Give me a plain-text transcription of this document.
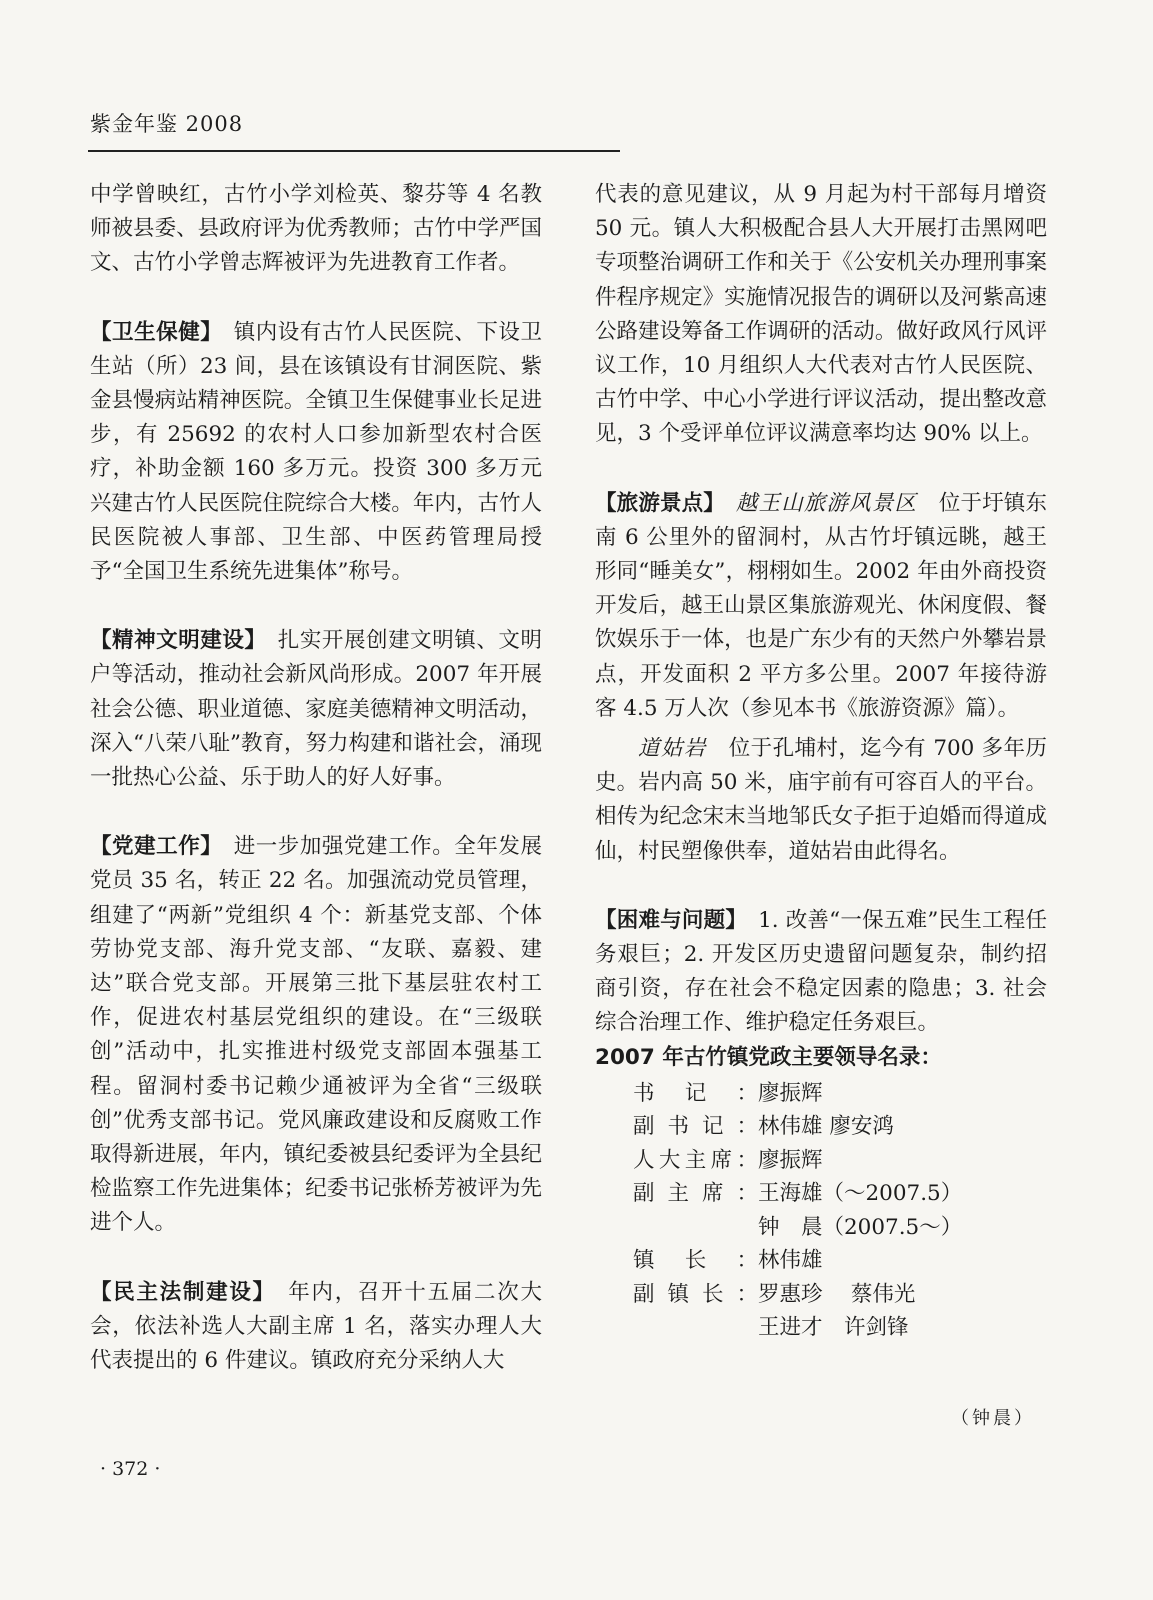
紫金年鉴 2008

中学曾映红，古竹小学刘检英、黎芬等 4 名教师被县委、县政府评为优秀教师；古竹中学严国文、古竹小学曾志辉被评为先进教育工作者。

【卫生保健】　 镇内设有古竹人民医院、下设卫生站（所）23 间，县在该镇设有甘洞医院、紫金县慢病站精神医院。全镇卫生保健事业长足进步，有 25692 的农村人口参加新型农村合医疗，补助金额 160 多万元。投资 300 多万元兴建古竹人民医院住院综合大楼。年内，古竹人民医院被人事部、卫生部、中医药管理局授予“全国卫生系统先进集体”称号。

【精神文明建设】　 扎实开展创建文明镇、文明户等活动，推动社会新风尚形成。2007 年开展社会公德、职业道德、家庭美德精神文明活动，深入“八荣八耻”教育，努力构建和谐社会，涌现一批热心公益、乐于助人的好人好事。

【党建工作】　 进一步加强党建工作。全年发展党员 35 名，转正 22 名。加强流动党员管理，组建了“两新”党组织 4 个：新基党支部、个体劳协党支部、海升党支部、“友联、嘉毅、建达”联合党支部。开展第三批下基层驻农村工作，促进农村基层党组织的建设。在“三级联创”活动中，扎实推进村级党支部固本强基工程。留洞村委书记赖少通被评为全省“三级联创”优秀支部书记。党风廉政建设和反腐败工作取得新进展，年内，镇纪委被县纪委评为全县纪检监察工作先进集体；纪委书记张桥芳被评为先进个人。

【民主法制建设】　 年内，召开十五届二次大会，依法补选人大副主席 1 名，落实办理人大代表提出的 6 件建议。镇政府充分采纳人大

代表的意见建议，从 9 月起为村干部每月增资 50 元。镇人大积极配合县人大开展打击黑网吧专项整治调研工作和关于《公安机关办理刑事案件程序规定》实施情况报告的调研以及河紫高速公路建设筹备工作调研的活动。做好政风行风评议工作，10 月组织人大代表对古竹人民医院、古竹中学、中心小学进行评议活动，提出整改意见，3 个受评单位评议满意率均达 90% 以上。

【旅游景点】　 越王山旅游风景区　 位于圩镇东南 6 公里外的留洞村，从古竹圩镇远眺，越王形同“睡美女”，栩栩如生。2002 年由外商投资开发后，越王山景区集旅游观光、休闲度假、餐饮娱乐于一体，也是广东少有的天然户外攀岩景点，开发面积 2 平方多公里。2007 年接待游客 4.5 万人次（参见本书《旅游资源》篇）。

道姑岩　 位于孔埔村，迄今有 700 多年历史。岩内高 50 米，庙宇前有可容百人的平台。相传为纪念宋末当地邹氏女子拒于迫婚而得道成仙，村民塑像供奉，道姑岩由此得名。

【困难与问题】　 1. 改善“一保五难”民生工程任务艰巨；2. 开发区历史遗留问题复杂，制约招商引资，存在社会不稳定因素的隐患；3. 社会综合治理工作、维护稳定任务艰巨。

2007 年古竹镇党政主要领导名录：

书记： 廖振辉
副书记： 林伟雄 廖安鸿
人大主席： 廖振辉
副主席： 王海雄（～2007.5）
钟　晨（2007.5～）
镇长： 林伟雄
副镇长： 罗惠珍　 蔡伟光
王进才　许剑锋
（钟晨）
· 372 ·
